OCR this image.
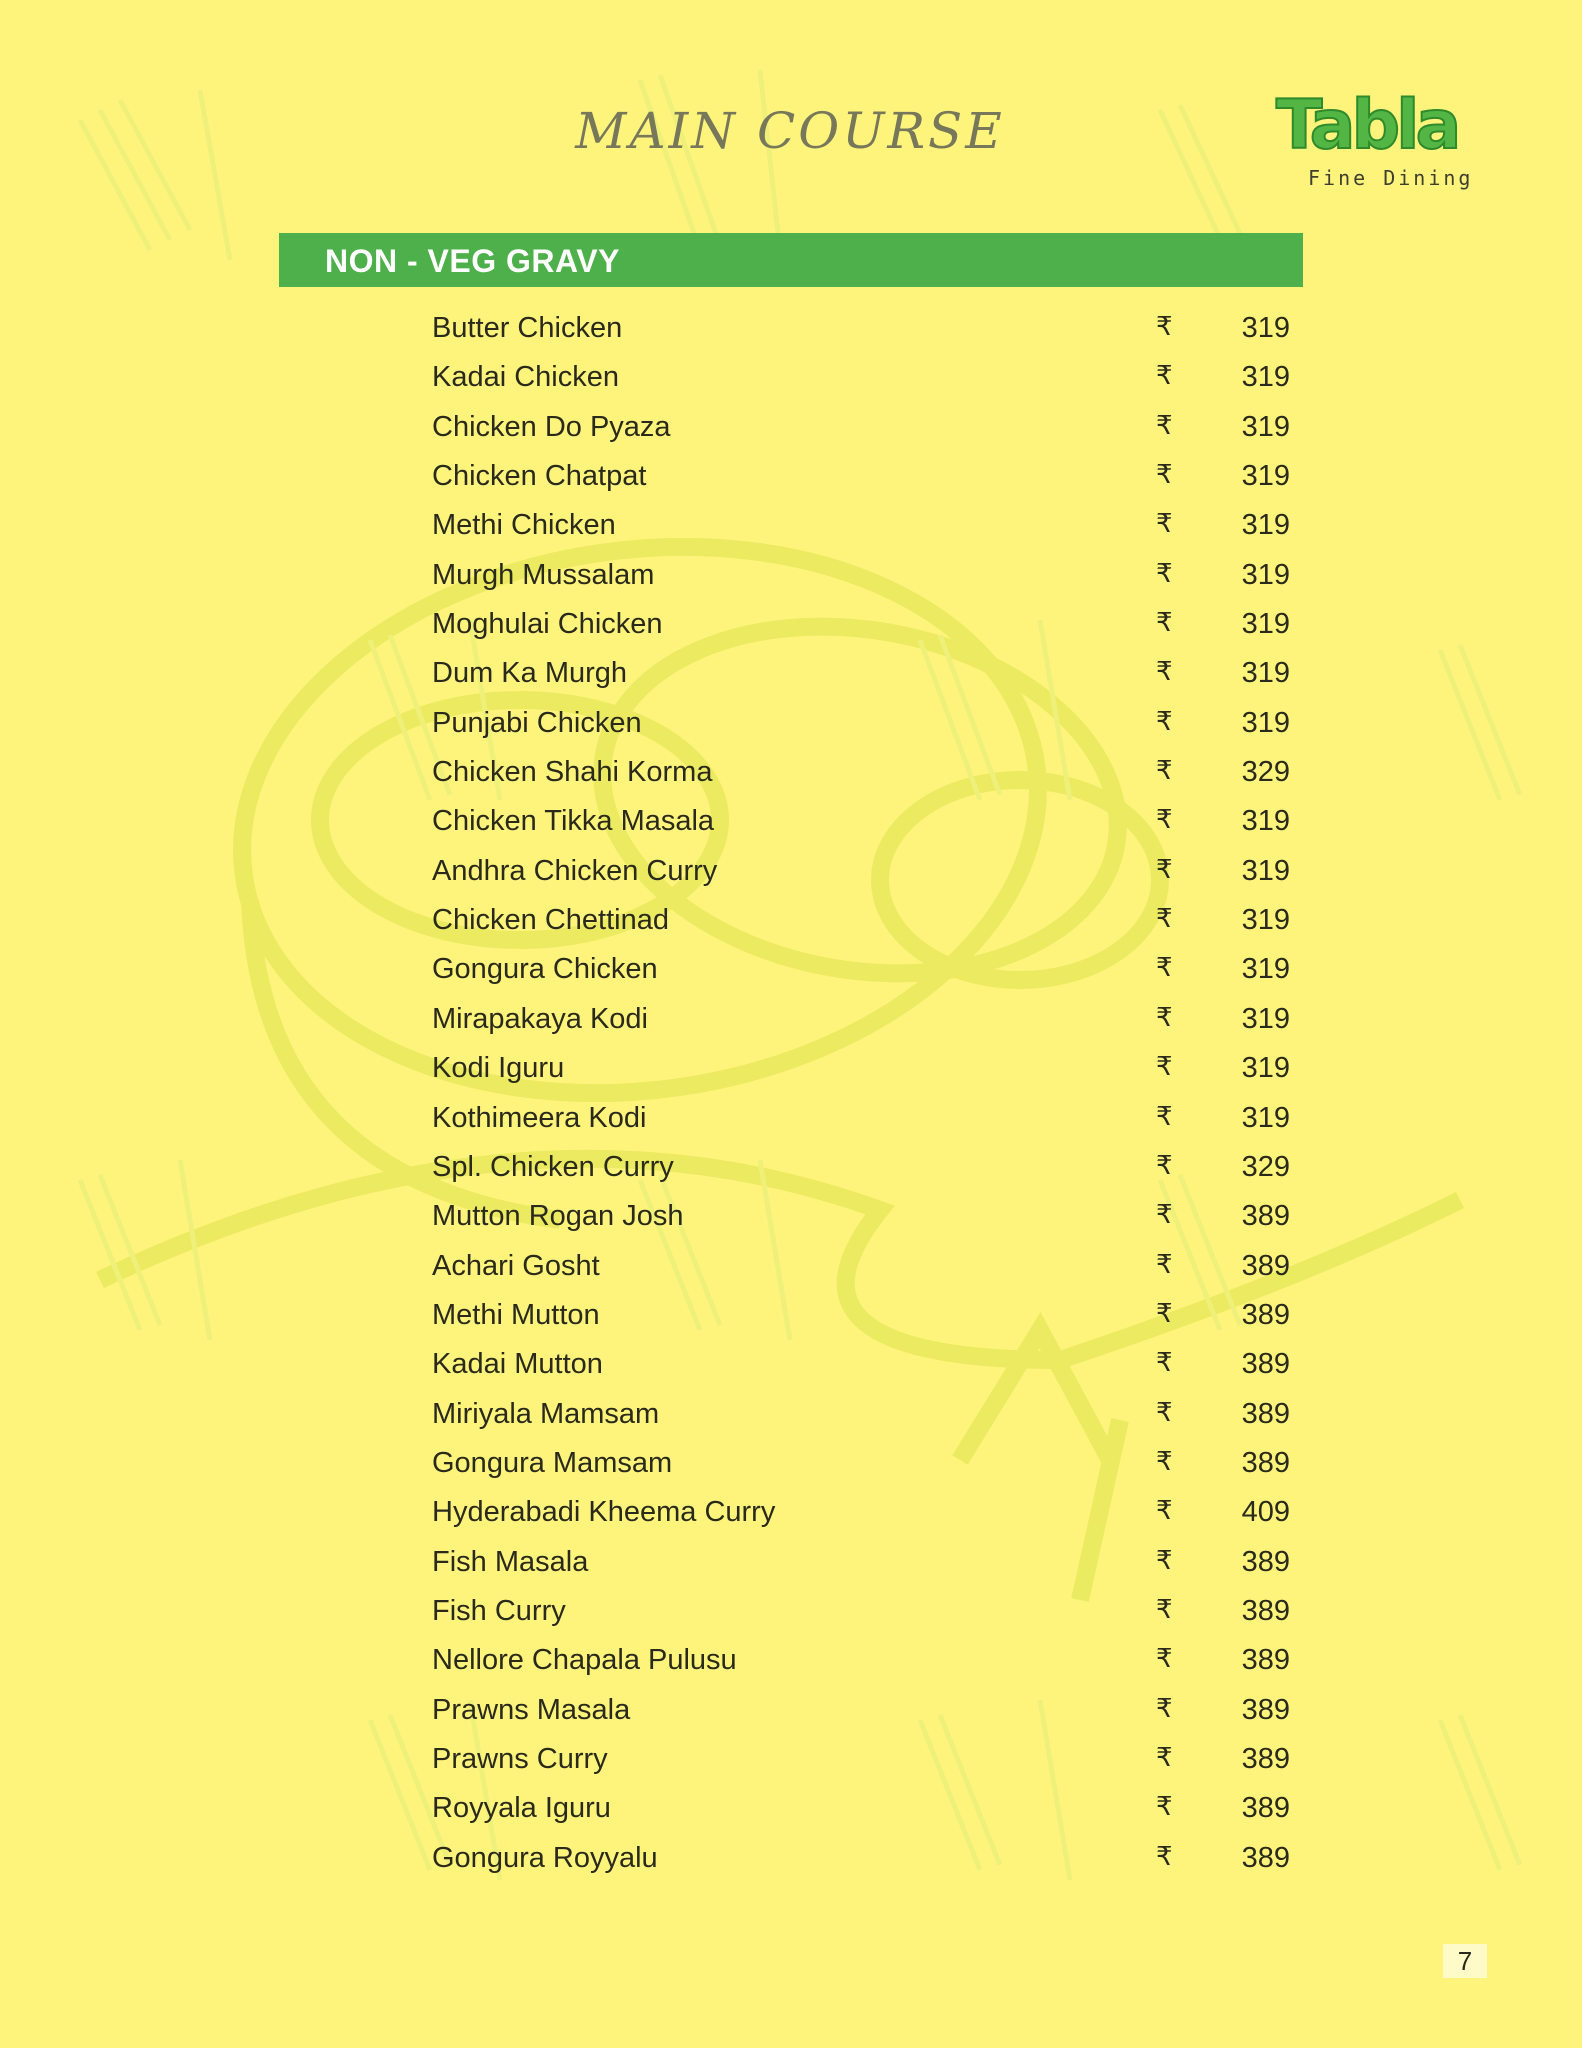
MAIN COURSE	Tabla
Fine Dining
NON - VEG GRAVY
Butter Chicken	₹ 319
Kadai Chicken	₹ 319
Chicken Do Pyaza	₹ 319
Chicken Chatpat	₹ 319
Methi Chicken	₹ 319
Murgh Mussalam	₹ 319
Moghulai Chicken	₹ 319
Dum Ka Murgh	₹ 319
Punjabi Chicken	₹ 319
Chicken Shahi Korma	₹ 329
Chicken Tikka Masala	₹ 319
Andhra Chicken Curry	₹ 319
Chicken Chettinad	₹ 319
Gongura Chicken	₹ 319
Mirapakaya Kodi	₹ 319
Kodi Iguru	₹ 319
Kothimeera Kodi	₹ 319
Spl. Chicken Curry	₹ 329
Mutton Rogan Josh	₹ 389
Achari Gosht	₹ 389
Methi Mutton	₹ 389
Kadai Mutton	₹ 389
Miriyala Mamsam	₹ 389
Gongura Mamsam	₹ 389
Hyderabadi Kheema Curry	₹ 409
Fish Masala	₹ 389
Fish Curry	₹ 389
Nellore Chapala Pulusu	₹ 389
Prawns Masala	₹ 389
Prawns Curry	₹ 389
Royyala Iguru	₹ 389
Gongura Royyalu	₹ 389
7
